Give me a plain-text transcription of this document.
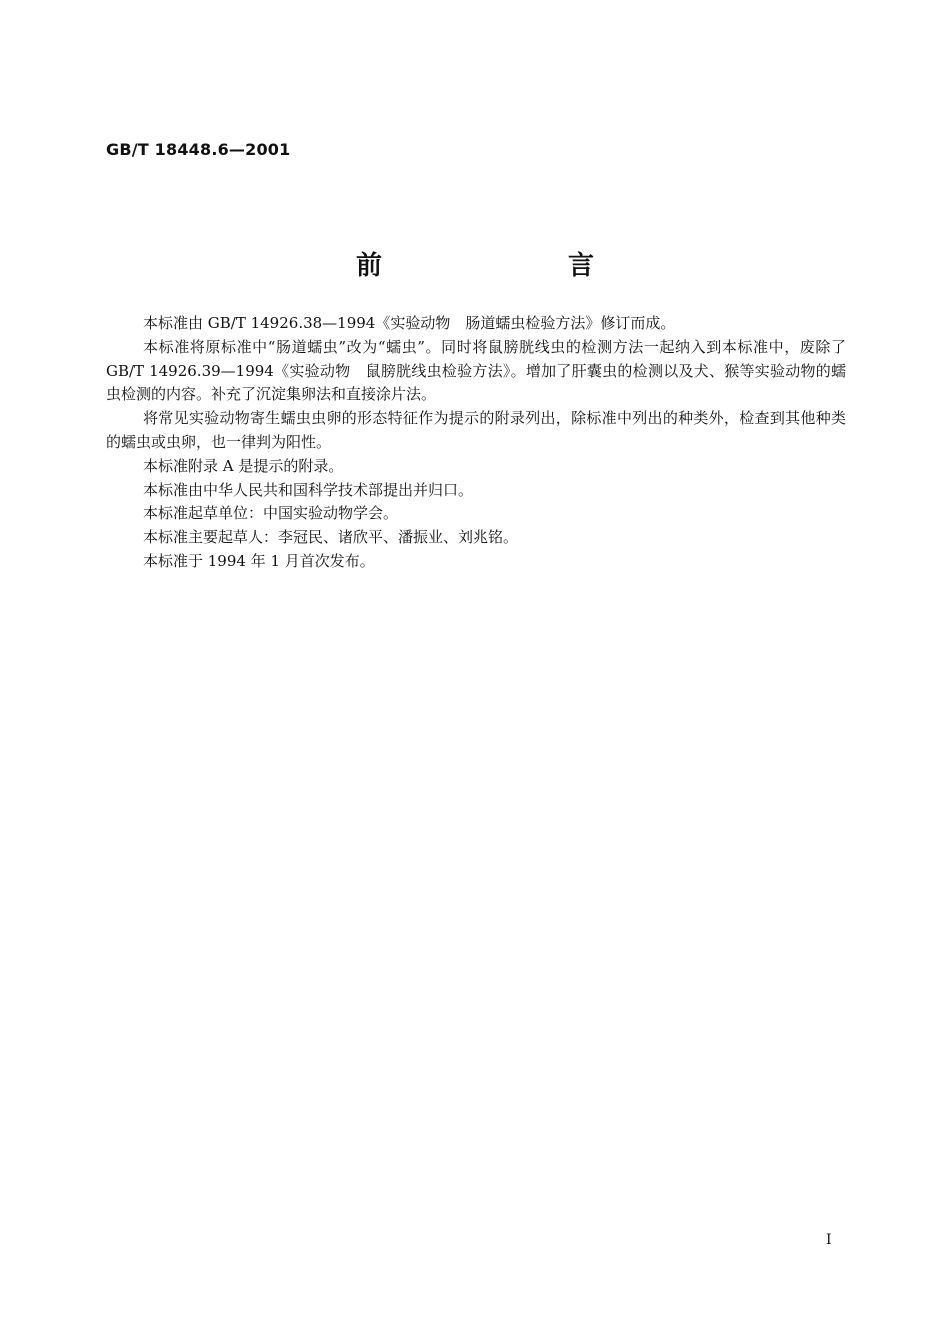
GB/T 18448.6—2001
前　言

本标准由 GB/T 14926.38—1994《实验动物　肠道蠕虫检验方法》修订而成。

本标准将原标准中“肠道蠕虫”改为“蠕虫”。同时将鼠膀胱线虫的检测方法一起纳入到本标准中，废除了 GB/T 14926.39—1994《实验动物　鼠膀胱线虫检验方法》。增加了肝囊虫的检测以及犬、猴等实验动物的蠕虫检测的内容。补充了沉淀集卵法和直接涂片法。

将常见实验动物寄生蠕虫虫卵的形态特征作为提示的附录列出，除标准中列出的种类外，检查到其他种类的蠕虫或虫卵，也一律判为阳性。

本标准附录 A 是提示的附录。

本标准由中华人民共和国科学技术部提出并归口。

本标准起草单位：中国实验动物学会。

本标准主要起草人：李冠民、诸欣平、潘振业、刘兆铭。

本标准于 1994 年 1 月首次发布。

I
